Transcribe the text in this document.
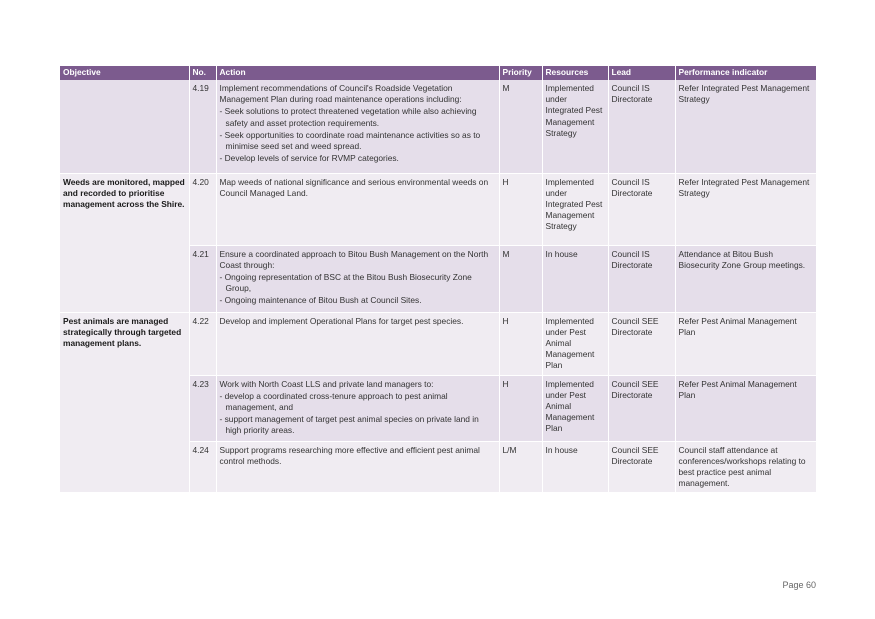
Objective	No.	Action	Priority	Resources	Lead	Performance indicator
	4.19	Implement recommendations of Council's Roadside Vegetation Management Plan during road maintenance operations including:
- Seek solutions to protect threatened vegetation while also achieving safety and asset protection requirements.
- Seek opportunities to coordinate road maintenance activities so as to minimise seed set and weed spread.
- Develop levels of service for RVMP categories.	M	Implemented under Integrated Pest Management Strategy	Council IS Directorate	Refer Integrated Pest Management Strategy
Weeds are monitored, mapped and recorded to prioritise management across the Shire.	4.20	Map weeds of national significance and serious environmental weeds on Council Managed Land.	H	Implemented under Integrated Pest Management Strategy	Council IS Directorate	Refer Integrated Pest Management Strategy
	4.21	Ensure a coordinated approach to Bitou Bush Management on the North Coast through:
- Ongoing representation of BSC at the Bitou Bush Biosecurity Zone Group,
- Ongoing maintenance of Bitou Bush at Council Sites.	M	In house	Council IS Directorate	Attendance at Bitou Bush Biosecurity Zone Group meetings.
Pest animals are managed strategically through targeted management plans.	4.22	Develop and implement Operational Plans for target pest species.	H	Implemented under Pest Animal Management Plan	Council SEE Directorate	Refer Pest Animal Management Plan
	4.23	Work with North Coast LLS and private land managers to:
- develop a coordinated cross-tenure approach to pest animal management, and
- support management of target pest animal species on private land in high priority areas.	H	Implemented under Pest Animal Management Plan	Council SEE Directorate	Refer Pest Animal Management Plan
	4.24	Support programs researching more effective and efficient pest animal control methods.	L/M	In house	Council SEE Directorate	Council staff attendance at conferences/workshops relating to best practice pest animal management.
Page 60
